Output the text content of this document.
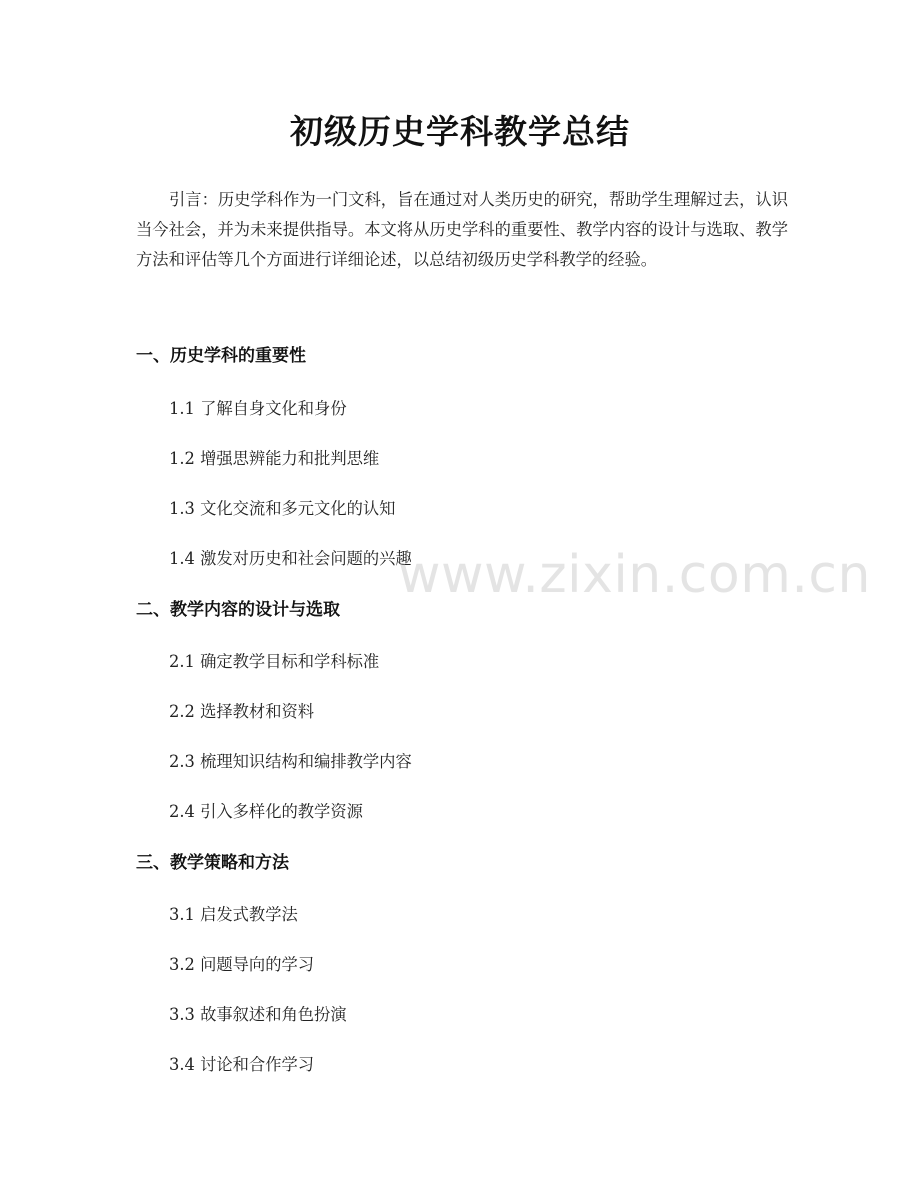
初级历史学科教学总结
引言：历史学科作为一门文科，旨在通过对人类历史的研究，帮助学生理解过去，认识当今社会，并为未来提供指导。本文将从历史学科的重要性、教学内容的设计与选取、教学方法和评估等几个方面进行详细论述，以总结初级历史学科教学的经验。
一、历史学科的重要性
1.1 了解自身文化和身份
1.2 增强思辨能力和批判思维
1.3 文化交流和多元文化的认知
1.4 激发对历史和社会问题的兴趣
二、教学内容的设计与选取
2.1 确定教学目标和学科标准
2.2 选择教材和资料
2.3 梳理知识结构和编排教学内容
2.4 引入多样化的教学资源
三、教学策略和方法
3.1 启发式教学法
3.2 问题导向的学习
3.3 故事叙述和角色扮演
3.4 讨论和合作学习
www.zixin.com.cn
